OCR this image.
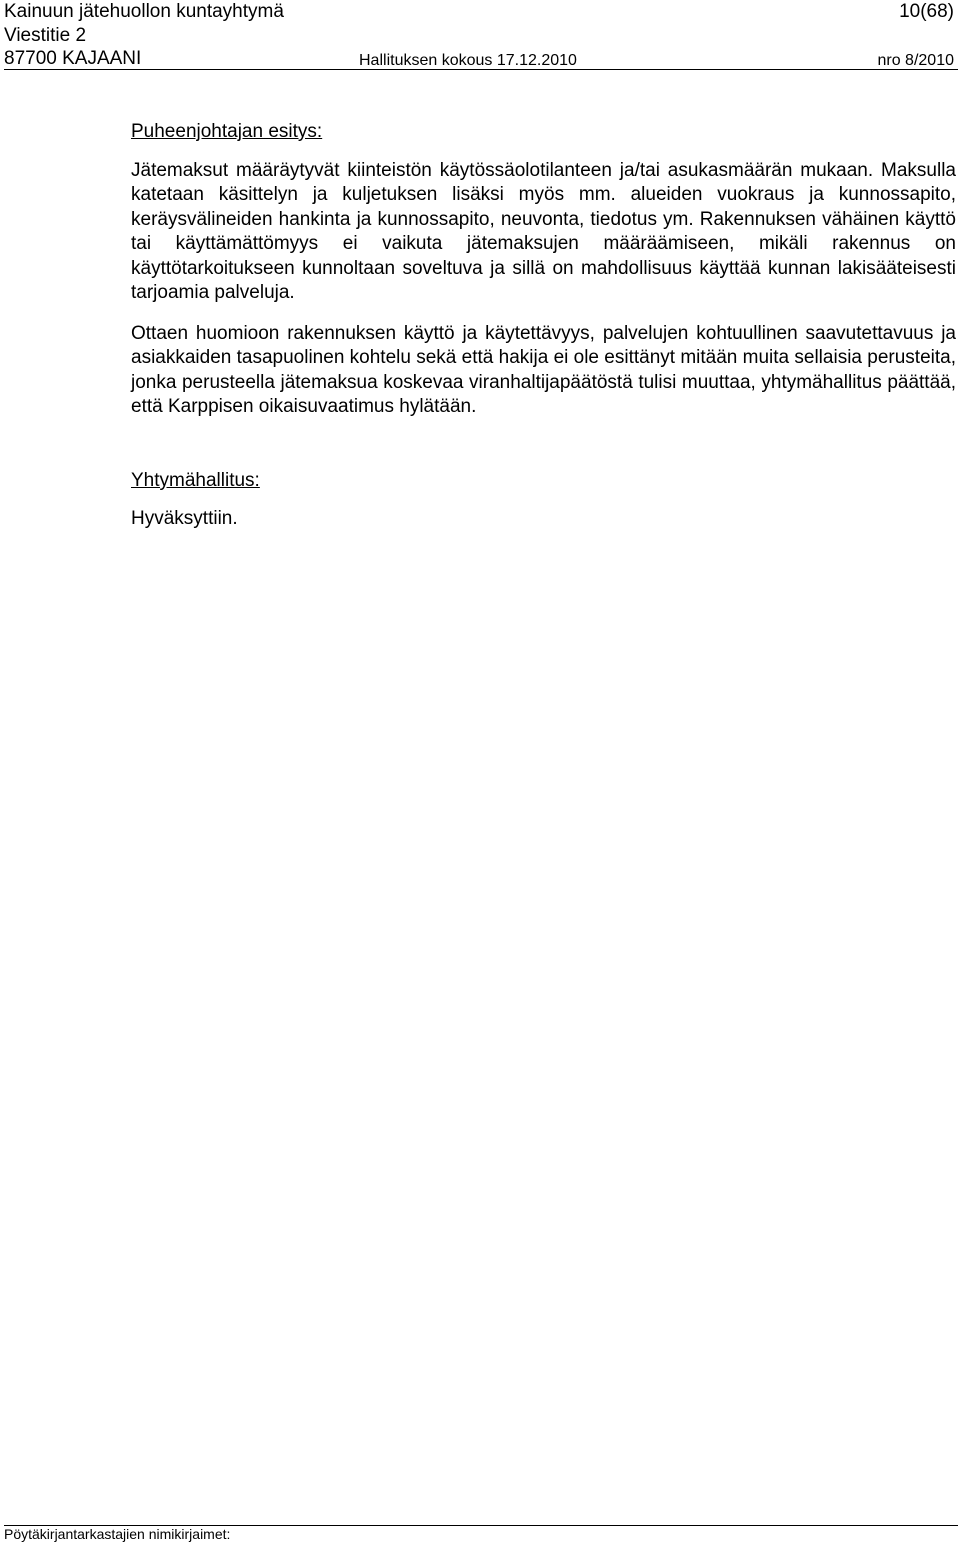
Kainuun jätehuollon kuntayhtymä
Viestitie 2
87700 KAJAANI
10(68)
Hallituksen kokous 17.12.2010	nro 8/2010
Puheenjohtajan esitys:

Jätemaksut määräytyvät kiinteistön käytössäolotilanteen ja/tai asukasmäärän mukaan. Maksulla katetaan käsittelyn ja kuljetuksen lisäksi myös mm. alueiden vuokraus ja kunnossapito, keräysvälineiden hankinta ja kunnossapito, neuvonta, tiedotus ym. Rakennuksen vähäinen käyttö tai käyttämättömyys ei vaikuta jätemaksujen määräämiseen, mikäli rakennus on käyttötarkoitukseen kunnoltaan soveltuva ja sillä on mahdollisuus käyttää kunnan lakisääteisesti tarjoamia palveluja.

Ottaen huomioon rakennuksen käyttö ja käytettävyys, palvelujen kohtuullinen saavutettavuus ja asiakkaiden tasapuolinen kohtelu sekä että hakija ei ole esittänyt mitään muita sellaisia perusteita, jonka perusteella jätemaksua koskevaa viranhaltijapäätöstä tulisi muuttaa, yhtymähallitus päättää, että Karppisen oikaisuvaatimus hylätään.

Yhtymähallitus:
Hyväksyttiin.
Pöytäkirjantarkastajien nimikirjaimet:
